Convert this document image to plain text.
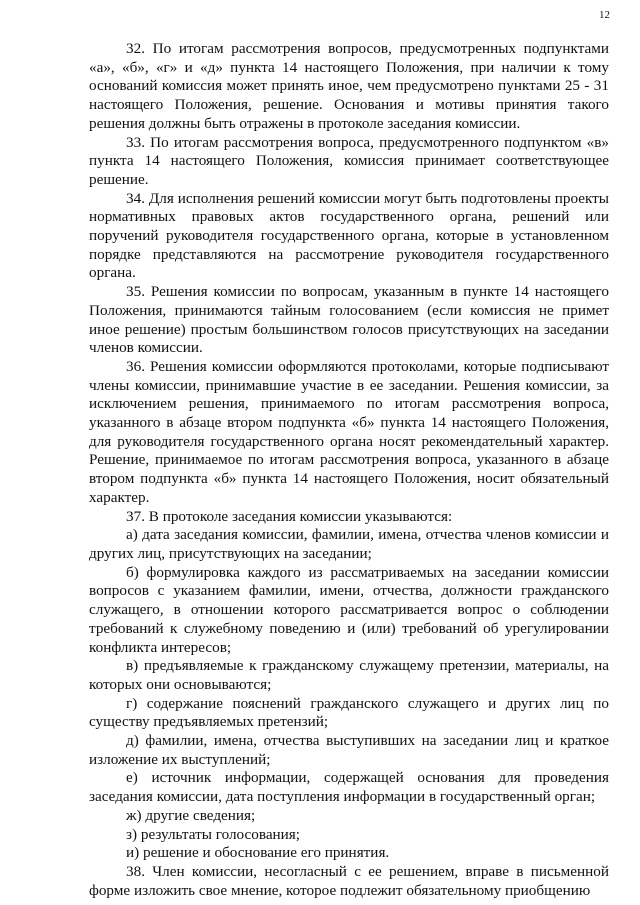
12

32. По итогам рассмотрения вопросов, предусмотренных подпунктами «а», «б», «г» и «д» пункта 14 настоящего Положения, при наличии к тому оснований комиссия может принять иное, чем предусмотрено пунктами 25 - 31 настоящего Положения, решение. Основания и мотивы принятия такого решения должны быть отражены в протоколе заседания комиссии.

33. По итогам рассмотрения вопроса, предусмотренного подпунктом «в» пункта 14 настоящего Положения, комиссия принимает соответствующее решение.

34. Для исполнения решений комиссии могут быть подготовлены проекты нормативных правовых актов государственного органа, решений или поручений руководителя государственного органа, которые в установленном порядке представляются на рассмотрение руководителя государственного органа.

35. Решения комиссии по вопросам, указанным в пункте 14 настоящего Положения, принимаются тайным голосованием (если комиссия не примет иное решение) простым большинством голосов присутствующих на заседании членов комиссии.

36. Решения комиссии оформляются протоколами, которые подписывают члены комиссии, принимавшие участие в ее заседании. Решения комиссии, за исключением решения, принимаемого по итогам рассмотрения вопроса, указанного в абзаце втором подпункта «б» пункта 14 настоящего Положения, для руководителя государственного органа носят рекомендательный характер. Решение, принимаемое по итогам рассмотрения вопроса, указанного в абзаце втором подпункта «б» пункта 14 настоящего Положения, носит обязательный характер.

37. В протоколе заседания комиссии указываются:

а) дата заседания комиссии, фамилии, имена, отчества членов комиссии и других лиц, присутствующих на заседании;

б) формулировка каждого из рассматриваемых на заседании комиссии вопросов с указанием фамилии, имени, отчества, должности гражданского служащего, в отношении которого рассматривается вопрос о соблюдении требований к служебному поведению и (или) требований об урегулировании конфликта интересов;

в) предъявляемые к гражданскому служащему претензии, материалы, на которых они основываются;

г) содержание пояснений гражданского служащего и других лиц по существу предъявляемых претензий;

д) фамилии, имена, отчества выступивших на заседании лиц и краткое изложение их выступлений;

е) источник информации, содержащей основания для проведения заседания комиссии, дата поступления информации в государственный орган;

ж) другие сведения;

з) результаты голосования;

и) решение и обоснование его принятия.

38. Член комиссии, несогласный с ее решением, вправе в письменной форме изложить свое мнение, которое подлежит обязательному приобщению
